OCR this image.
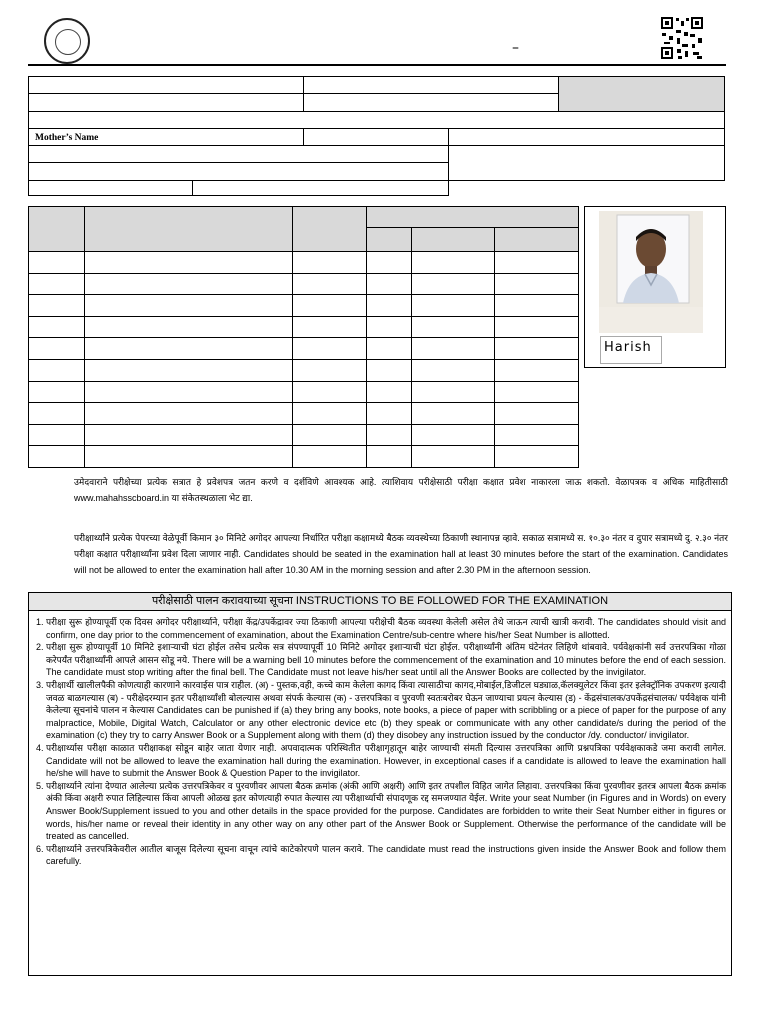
–
Mother’s Name
Harish
उमेदवाराने परीक्षेच्या प्रत्येक सत्रात हे प्रवेशपत्र जतन करणे व दर्शविणे आवश्यक आहे. त्याशिवाय परीक्षेसाठी परीक्षा कक्षात प्रवेश नाकारला जाऊ शकतो. वेळापत्रक व अधिक माहितीसाठी www.mahahsscboard.in या संकेतस्थळाला भेट द्या.
परीक्षार्थ्यांने प्रत्येक पेपरच्या वेळेपूर्वी किमान ३० मिनिटे अगोदर आपल्या निर्धारित परीक्षा कक्षामध्ये बैठक व्यवस्थेच्या ठिकाणी स्थानापन्न व्हावे. सकाळ सत्रामध्ये स. १०.३० नंतर व दुपार सत्रामध्ये दु. २.३० नंतर परीक्षा कक्षात परीक्षार्थ्यांना प्रवेश दिला जाणार नाही. Candidates should be seated in the examination hall at least 30 minutes before the start of the examination. Candidates will not be allowed to enter the examination hall after 10.30 AM in the morning session and after 2.30 PM in the afternoon session.
परीक्षेसाठी पालन करावयाच्या सूचना INSTRUCTIONS TO BE FOLLOWED FOR THE EXAMINATION
1. परीक्षा सुरू होण्यापूर्वी एक दिवस अगोदर परीक्षार्थ्याने, परीक्षा केंद्र/उपकेंद्रावर ज्या ठिकाणी आपल्या परीक्षेची बैठक व्यवस्था केलेली असेल तेथे जाऊन त्याची खात्री करावी. The candidates should visit and confirm, one day prior to the commencement of examination, about the Examination Centre/sub-centre where his/her Seat Number is allotted.
2. परीक्षा सुरू होण्यापूर्वी 10 मिनिटे इशाऱ्याची घंटा होईल तसेच प्रत्येक सत्र संपण्यापूर्वी 10 मिनिटे अगोदर इशाऱ्याची घंटा होईल. परीक्षार्थ्यांनी अंतिम घंटेनंतर लिहिणे थांबवावे. पर्यवेक्षकांनी सर्व उत्तरपत्रिका गोळा करेपर्यंत परीक्षार्थ्यांनी आपले आसन सोडू नये. There will be a warning bell 10 minutes before the commencement of the examination and 10 minutes before the end of each session. The candidate must stop writing after the final bell. The Candidate must not leave his/her seat until all the Answer Books are collected by the invigilator.
3. परीक्षार्थी खालीलपैकी कोणत्याही कारणाने कारवाईस पात्र राहील. (अ) - पुस्तक,वही, कच्चे काम केलेला कागद किंवा त्यासाठीचा कागद,मोबाईल,डिजीटल घड्याळ,कॅलक्युलेटर किंवा इतर इलेक्ट्रॉनिक उपकरण इत्यादी जवळ बाळगल्यास (ब) - परीक्षेदरम्यान इतर परीक्षार्थ्यांशी बोलल्यास अथवा संपर्क केल्यास (क) - उत्तरपत्रिका व पुरवणी स्वतःबरोबर घेऊन जाण्याचा प्रयत्न केल्यास (ड) - केंद्रसंचालक/उपकेंद्रसंचालक/ पर्यवेक्षक यांनी केलेल्या सूचनांचे पालन न केल्यास Candidates can be punished if (a) they bring any books, note books, a piece of paper with scribbling or a piece of paper for the purpose of any malpractice, Mobile, Digital Watch, Calculator or any other electronic device etc (b) they speak or communicate with any other candidate/s during the period of the examination (c) they try to carry Answer Book or a Supplement along with them (d) they disobey any instruction issued by the conductor /dy. conductor/ invigilator.
4. परीक्षार्थ्यास परीक्षा काळात परीक्षाकक्ष सोडून बाहेर जाता येणार नाही. अपवादात्मक परिस्थितीत परीक्षागृहातून बाहेर जाण्याची संमती दिल्यास उत्तरपत्रिका आणि प्रश्नपत्रिका पर्यवेक्षकाकडे जमा करावी लागेल. Candidate will not be allowed to leave the examination hall during the examination. However, in exceptional cases if a candidate is allowed to leave the examination hall he/she will have to submit the Answer Book & Question Paper to the invigilator.
5. परीक्षार्थ्याने त्यांना देण्यात आलेल्या प्रत्येक उत्तरपत्रिकेवर व पुरवणीवर आपला बैठक क्रमांक (अंकी आणि अक्षरी) आणि इतर तपशील विहित जागेत लिहावा. उत्तरपत्रिका किंवा पुरवणीवर इतरत्र आपला बैठक क्रमांक अंकी किंवा अक्षरी रुपात लिहिल्यास किंवा आपली ओळख इतर कोणत्याही रुपात केल्यास त्या परीक्षार्थ्याची संपादणूक रद्द समजण्यात येईल. Write your seat Number (in Figures and in Words) on every Answer Book/Supplement issued to you and other details in the space provided for the purpose. Candidates are forbidden to write their Seat Number either in figures or words, his/her name or reveal their identity in any other way on any other part of the Answer Book or Supplement. Otherwise the performance of the candidate will be treated as cancelled.
6. परीक्षार्थ्याने उत्तरपत्रिकेवरील आतील बाजूस दिलेल्या सूचना वाचून त्यांचे काटेकोरपणे पालन करावे. The candidate must read the instructions given inside the Answer Book and follow them carefully.
